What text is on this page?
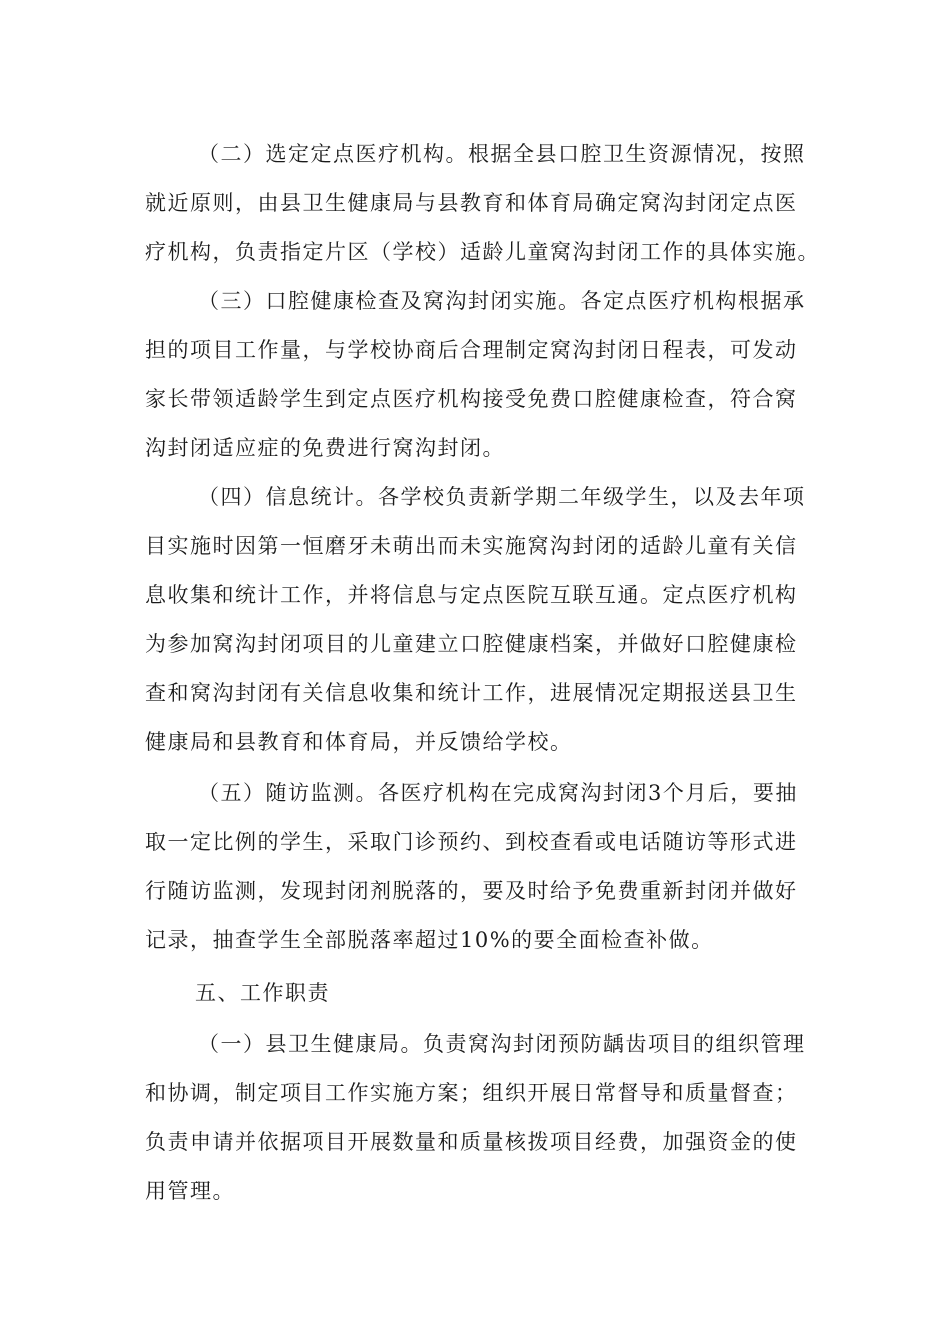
（二）选定定点医疗机构。根据全县口腔卫生资源情况，按照
就近原则，由县卫生健康局与县教育和体育局确定窝沟封闭定点医
疗机构，负责指定片区（学校）适龄儿童窝沟封闭工作的具体实施。
（三）口腔健康检查及窝沟封闭实施。各定点医疗机构根据承
担的项目工作量，与学校协商后合理制定窝沟封闭日程表，可发动
家长带领适龄学生到定点医疗机构接受免费口腔健康检查，符合窝
沟封闭适应症的免费进行窝沟封闭。
（四）信息统计。各学校负责新学期二年级学生，以及去年项
目实施时因第一恒磨牙未萌出而未实施窝沟封闭的适龄儿童有关信
息收集和统计工作，并将信息与定点医院互联互通。定点医疗机构
为参加窝沟封闭项目的儿童建立口腔健康档案，并做好口腔健康检
查和窝沟封闭有关信息收集和统计工作，进展情况定期报送县卫生
健康局和县教育和体育局，并反馈给学校。
（五）随访监测。各医疗机构在完成窝沟封闭3个月后，要抽
取一定比例的学生，采取门诊预约、到校查看或电话随访等形式进
行随访监测，发现封闭剂脱落的，要及时给予免费重新封闭并做好
记录，抽查学生全部脱落率超过10%的要全面检查补做。
五、工作职责
（一）县卫生健康局。负责窝沟封闭预防龋齿项目的组织管理
和协调，制定项目工作实施方案；组织开展日常督导和质量督查；
负责申请并依据项目开展数量和质量核拨项目经费，加强资金的使
用管理。
